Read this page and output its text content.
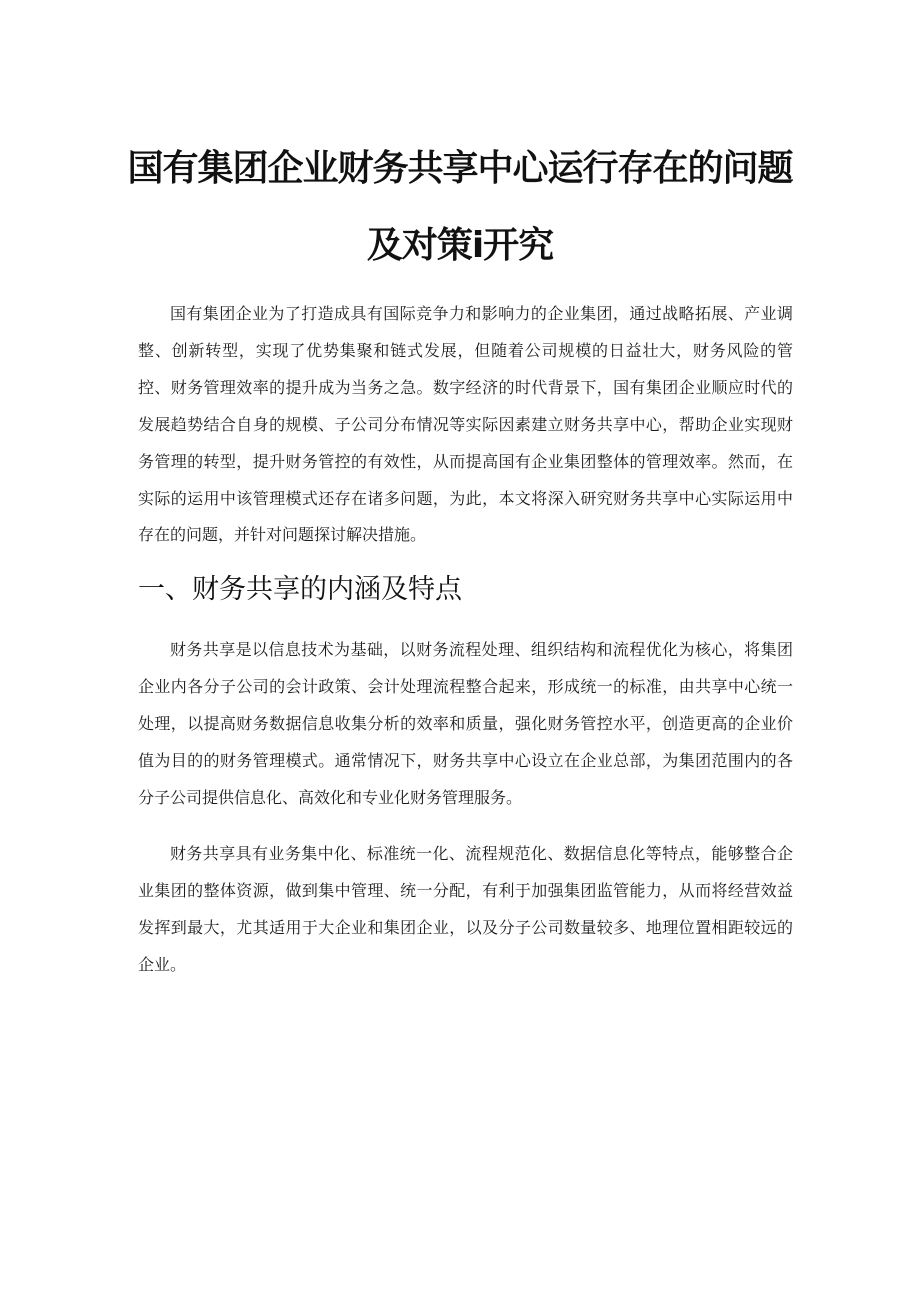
国有集团企业财务共享中心运行存在的问题
及对策i开究

国有集团企业为了打造成具有国际竞争力和影响力的企业集团，通过战略拓展、产业调整、创新转型，实现了优势集聚和链式发展，但随着公司规模的日益壮大，财务风险的管控、财务管理效率的提升成为当务之急。数字经济的时代背景下，国有集团企业顺应时代的发展趋势结合自身的规模、子公司分布情况等实际因素建立财务共享中心，帮助企业实现财务管理的转型，提升财务管控的有效性，从而提高国有企业集团整体的管理效率。然而，在实际的运用中该管理模式还存在诸多问题，为此，本文将深入研究财务共享中心实际运用中存在的问题，并针对问题探讨解决措施。

一、财务共享的内涵及特点

财务共享是以信息技术为基础，以财务流程处理、组织结构和流程优化为核心，将集团企业内各分子公司的会计政策、会计处理流程整合起来，形成统一的标准，由共享中心统一处理，以提高财务数据信息收集分析的效率和质量，强化财务管控水平，创造更高的企业价值为目的的财务管理模式。通常情况下，财务共享中心设立在企业总部，为集团范围内的各分子公司提供信息化、高效化和专业化财务管理服务。

财务共享具有业务集中化、标准统一化、流程规范化、数据信息化等特点，能够整合企业集团的整体资源，做到集中管理、统一分配，有利于加强集团监管能力，从而将经营效益发挥到最大，尤其适用于大企业和集团企业，以及分子公司数量较多、地理位置相距较远的企业。
